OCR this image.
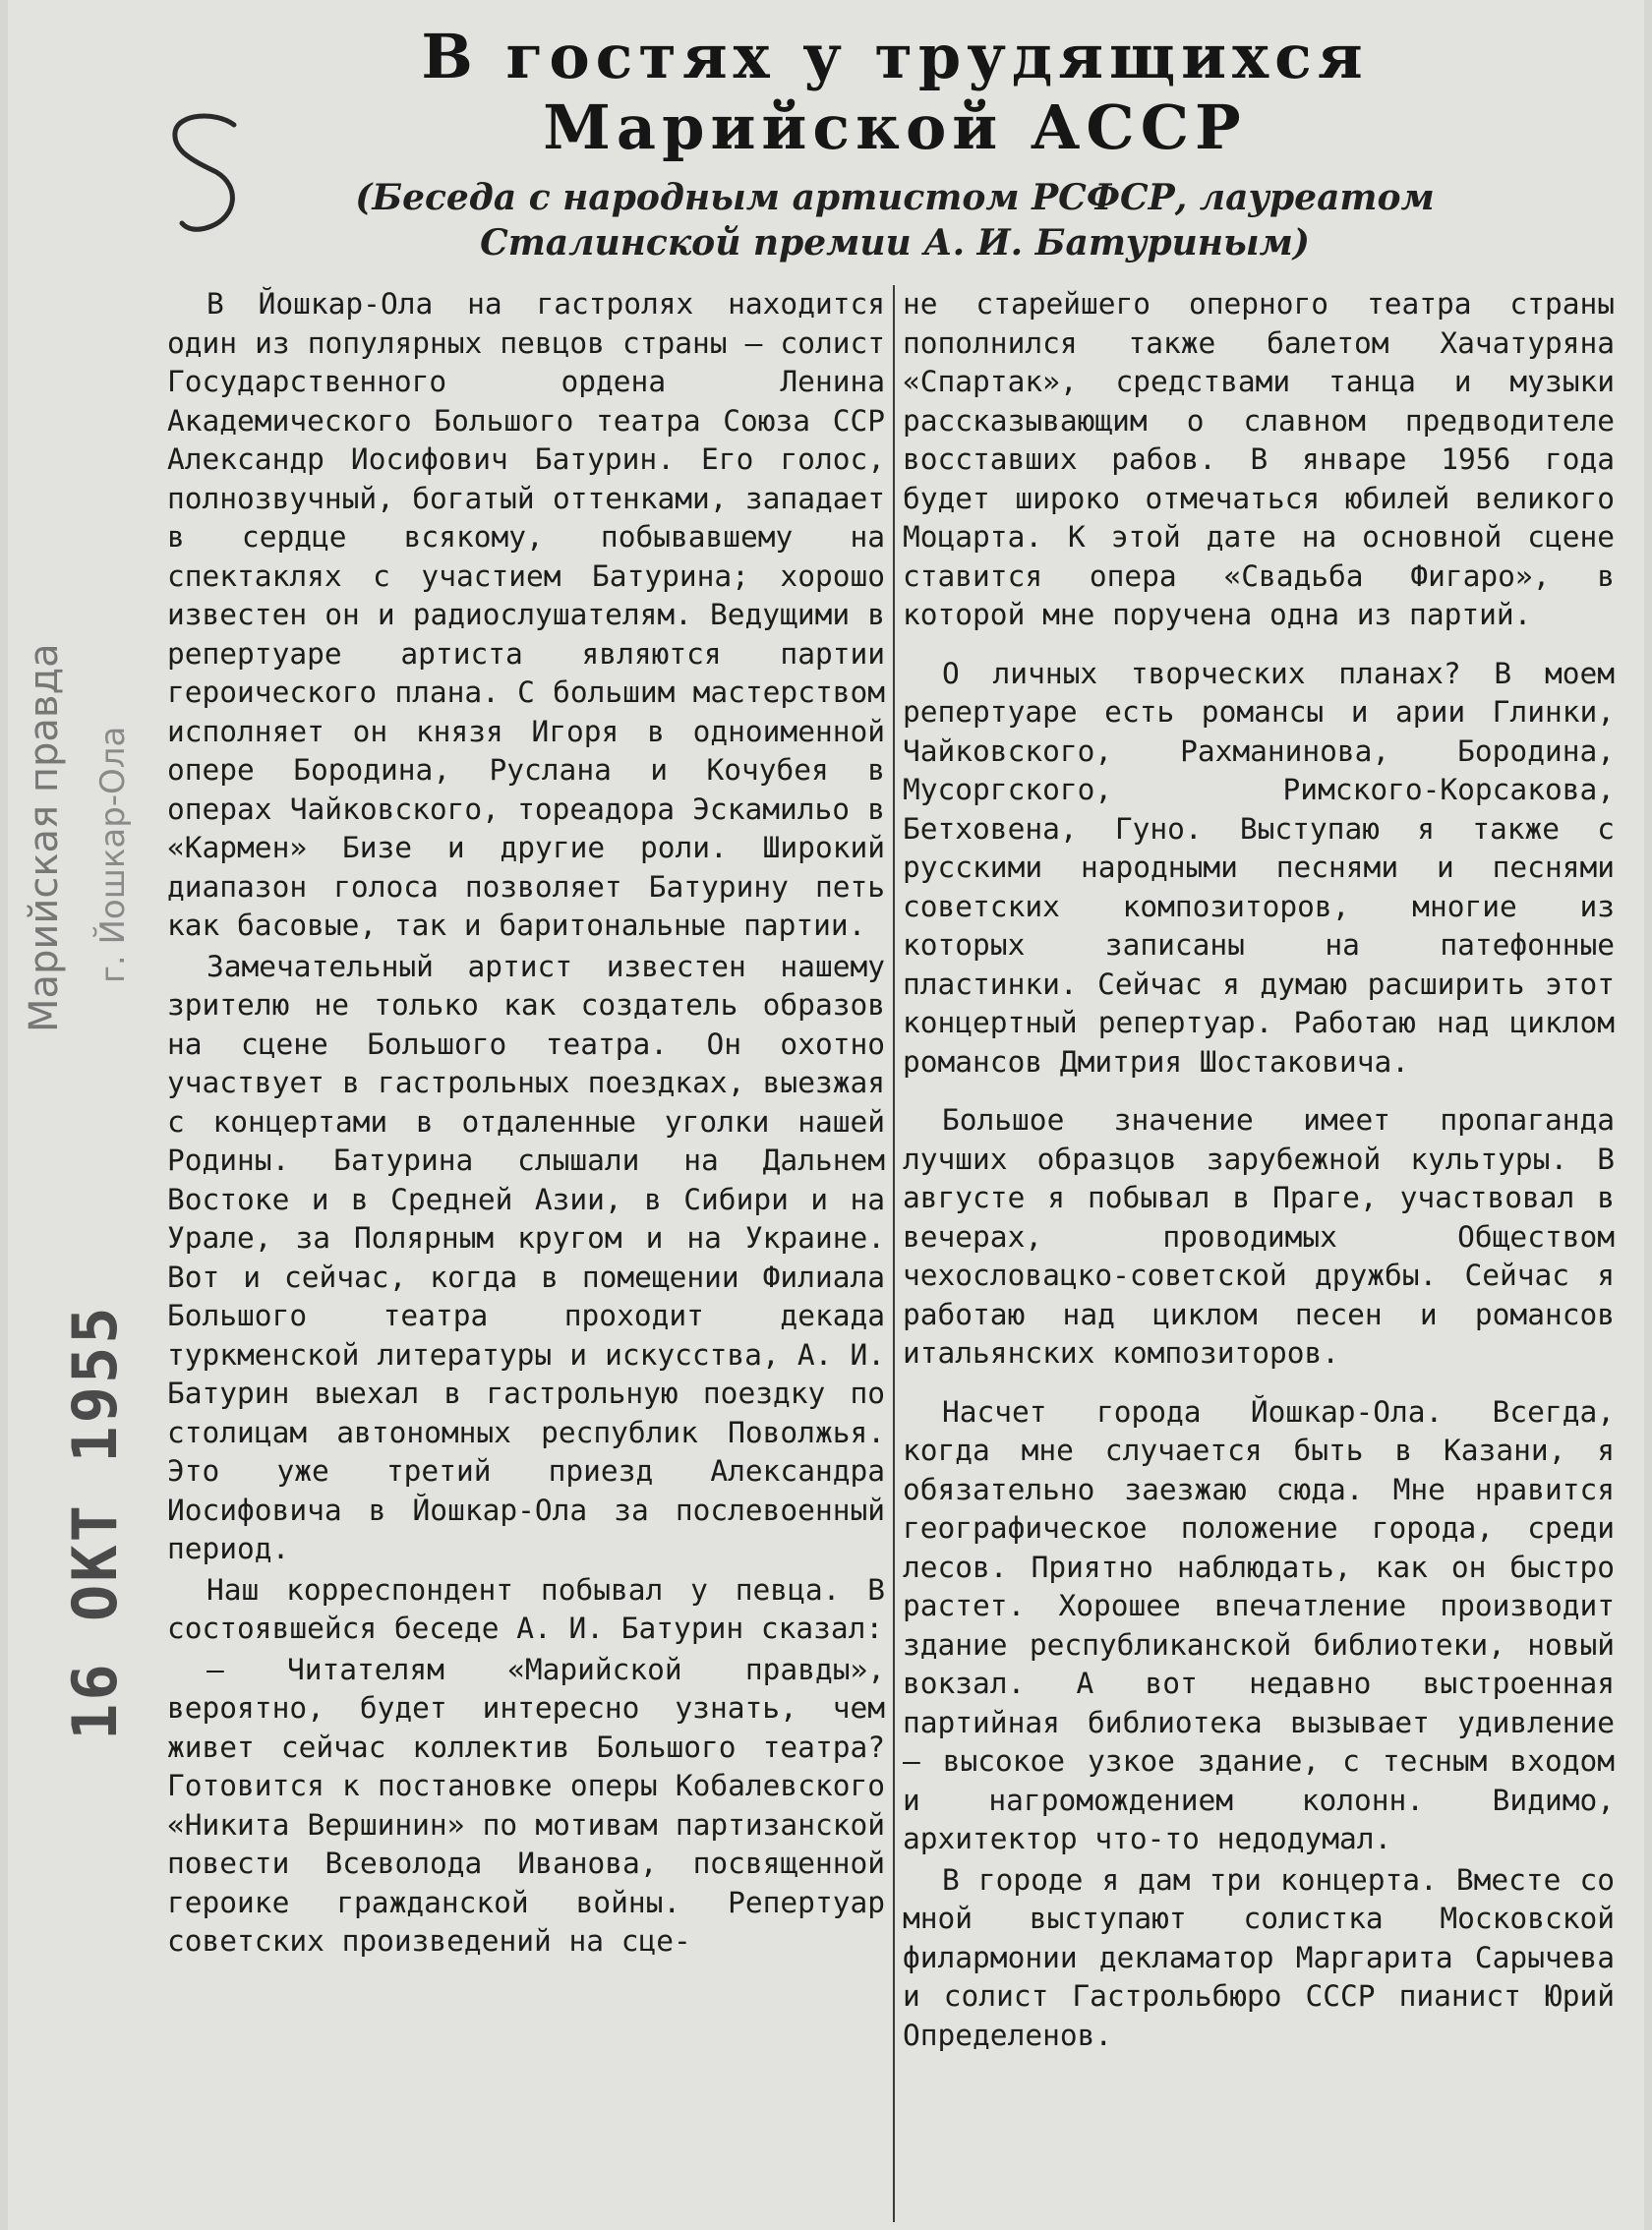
В гостях у трудящихся
Марийской АССР
(Беседа с народным артистом РСФСР, лауреатом
Сталинской премии А. И. Батуриным)
Марийская правда г. Йошкар-Ола
16 ОКТ 1955

В Йошкар-Ола на гастролях находится один из популярных певцов страны — солист Государственного ордена Ленина Академического Большого театра Союза ССР Александр Иосифович Батурин. Его голос, полнозвучный, богатый оттенками, западает в сердце всякому, побывавшему на спектаклях с участием Батурина; хорошо известен он и радиослушателям. Ведущими в репертуаре артиста являются партии героического плана. С большим мастерством исполняет он князя Игоря в одноименной опере Бородина, Руслана и Кочубея в операх Чайковского, тореадора Эскамильо в «Кармен» Бизе и другие роли. Широкий диапазон голоса позволяет Батурину петь как басовые, так и баритональные партии.

Замечательный артист известен нашему зрителю не только как создатель образов на сцене Большого театра. Он охотно участвует в гастрольных поездках, выезжая с концертами в отдаленные уголки нашей Родины. Батурина слышали на Дальнем Востоке и в Средней Азии, в Сибири и на Урале, за Полярным кругом и на Украине. Вот и сейчас, когда в помещении Филиала Большого театра проходит декада туркменской литературы и искусства, А. И. Батурин выехал в гастрольную поездку по столицам автономных республик Поволжья. Это уже третий приезд Александра Иосифовича в Йошкар-Ола за послевоенный период.

Наш корреспондент побывал у певца. В состоявшейся беседе А. И. Батурин сказал:

— Читателям «Марийской правды», вероятно, будет интересно узнать, чем живет сейчас коллектив Большого театра? Готовится к постановке оперы Кобалевского «Никита Вершинин» по мотивам партизанской повести Всеволода Иванова, посвященной героике гражданской войны. Репертуар советских произведений на сце-

не старейшего оперного театра страны пополнился также балетом Хачатуряна «Спартак», средствами танца и музыки рассказывающим о славном предводителе восставших рабов. В январе 1956 года будет широко отмечаться юбилей великого Моцарта. К этой дате на основной сцене ставится опера «Свадьба Фигаро», в которой мне поручена одна из партий.

О личных творческих планах? В моем репертуаре есть романсы и арии Глинки, Чайковского, Рахманинова, Бородина, Мусоргского, Римского-Корсакова, Бетховена, Гуно. Выступаю я также с русскими народными песнями и песнями советских композиторов, многие из которых записаны на патефонные пластинки. Сейчас я думаю расширить этот концертный репертуар. Работаю над циклом романсов Дмитрия Шостаковича.

Большое значение имеет пропаганда лучших образцов зарубежной культуры. В августе я побывал в Праге, участвовал в вечерах, проводимых Обществом чехословацко-советской дружбы. Сейчас я работаю над циклом песен и романсов итальянских композиторов.

Насчет города Йошкар-Ола. Всегда, когда мне случается быть в Казани, я обязательно заезжаю сюда. Мне нравится географическое положение города, среди лесов. Приятно наблюдать, как он быстро растет. Хорошее впечатление производит здание республиканской библиотеки, новый вокзал. А вот недавно выстроенная партийная библиотека вызывает удивление — высокое узкое здание, с тесным входом и нагромождением колонн. Видимо, архитектор что-то недодумал.

В городе я дам три концерта. Вместе со мной выступают солистка Московской филармонии декламатор Маргарита Сарычева и солист Гастрольбюро СССР пианист Юрий Определенов.
